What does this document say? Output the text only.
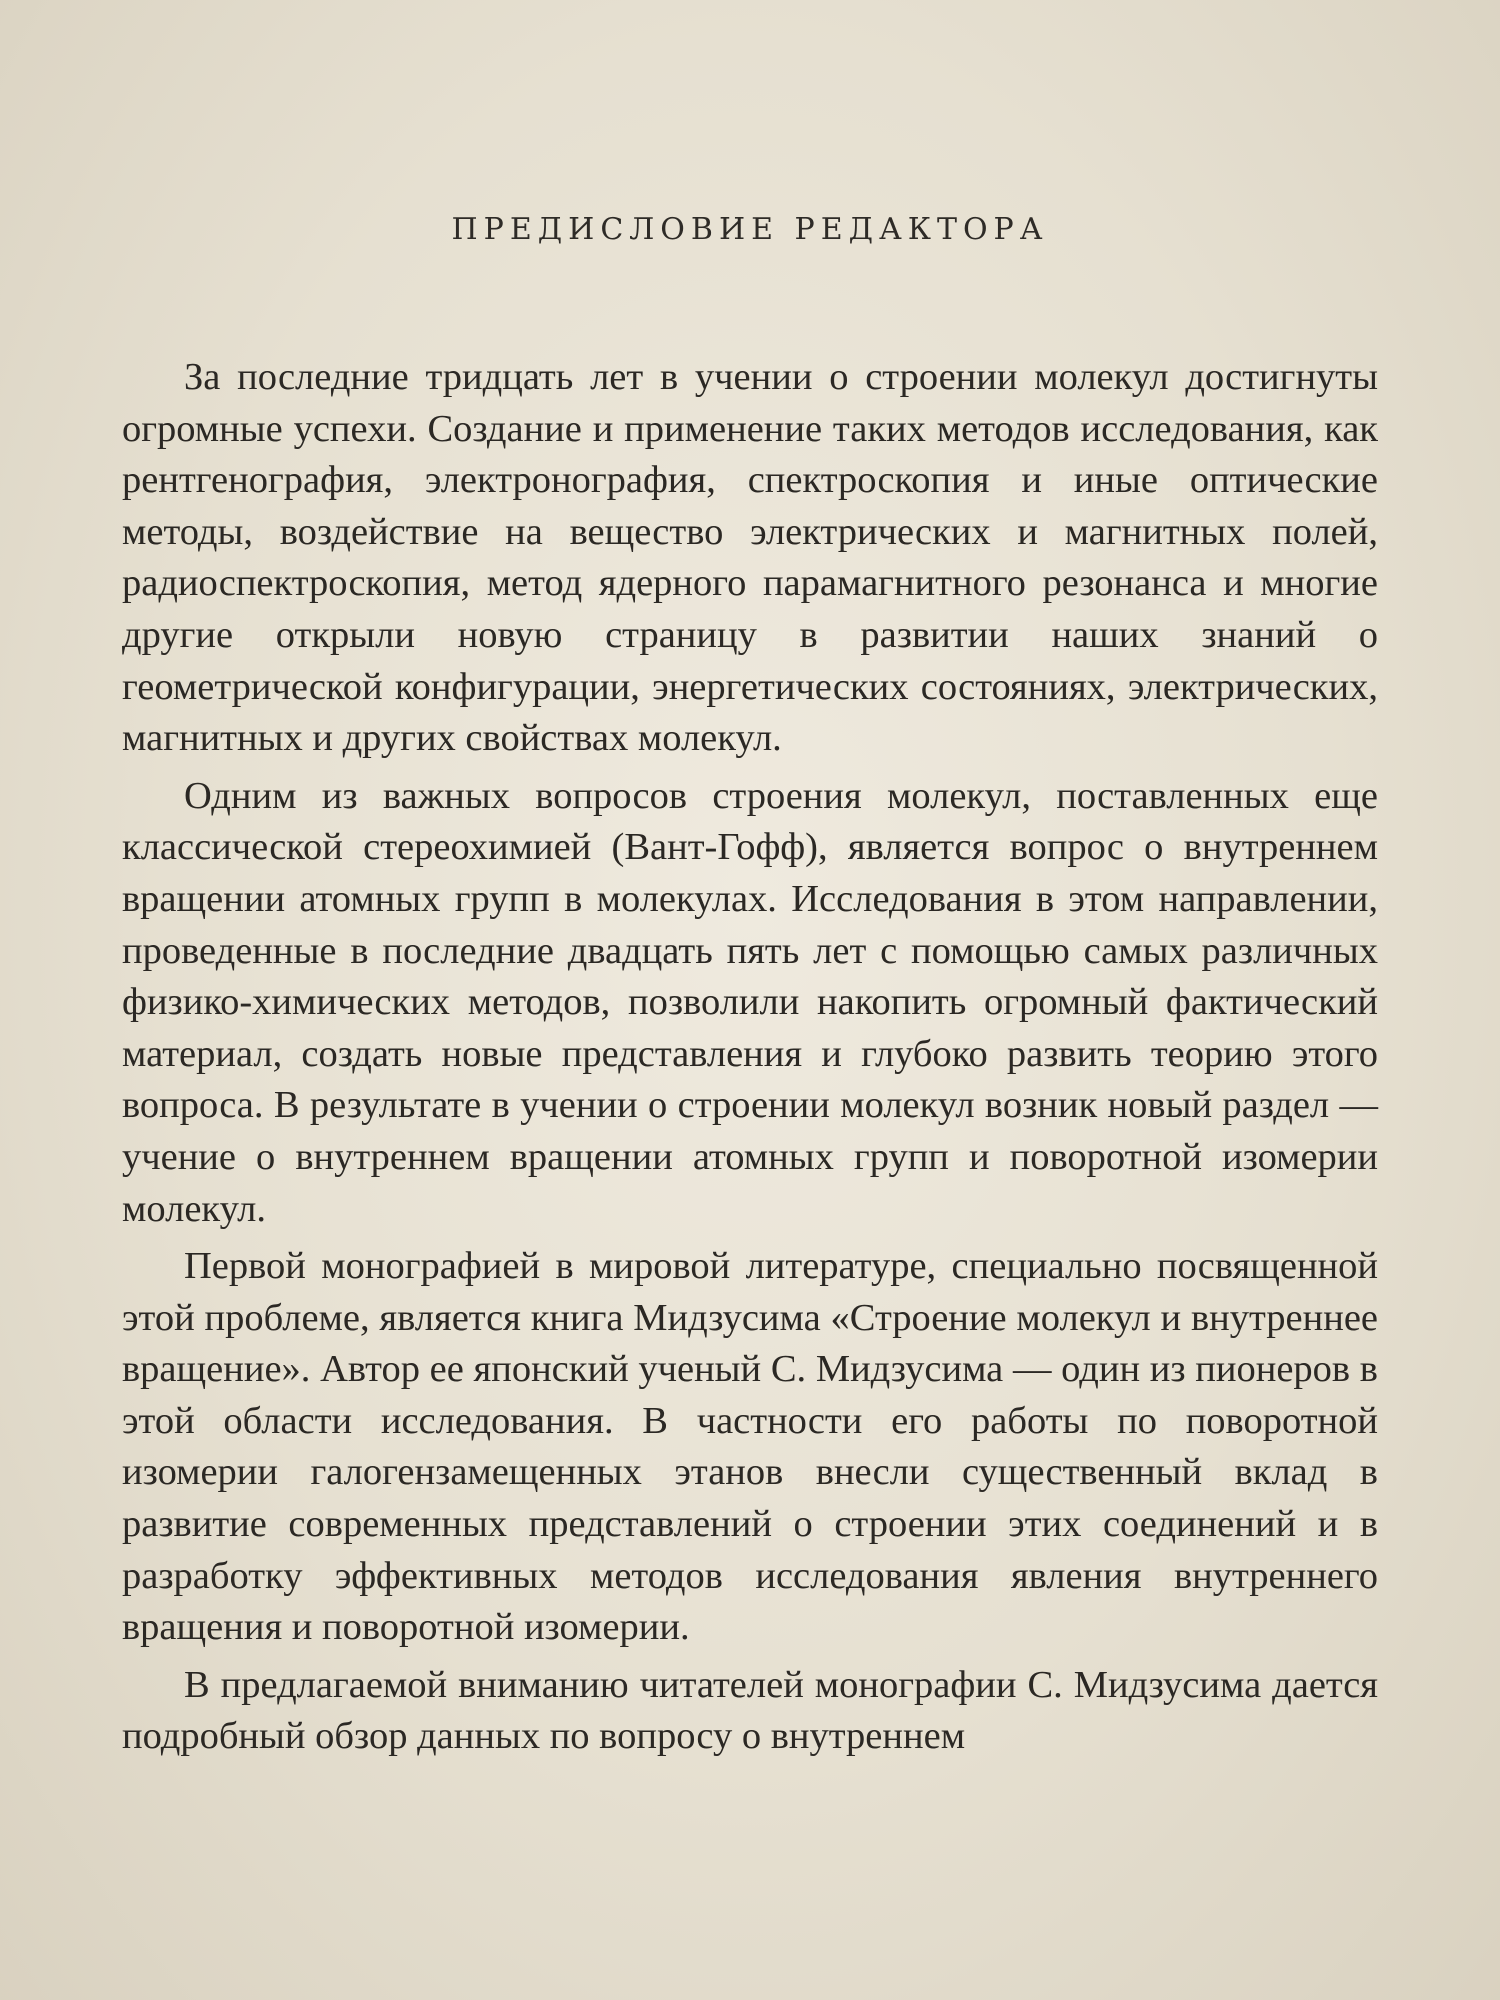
ПРЕДИСЛОВИЕ РЕДАКТОРА

За последние тридцать лет в учении о строении молекул достигнуты огромные успехи. Создание и применение таких методов исследования, как рентгенография, электронография, спектроскопия и иные оптические методы, воздействие на вещество электрических и магнитных полей, радиоспектроскопия, метод ядерного парамагнитного резонанса и многие другие открыли новую страницу в развитии наших знаний о геометрической конфигурации, энергетических состояниях, электрических, магнитных и других свойствах молекул.

Одним из важных вопросов строения молекул, поставленных еще классической стереохимией (Вант-Гофф), является вопрос о внутреннем вращении атомных групп в молекулах. Исследования в этом направлении, проведенные в последние двадцать пять лет с помощью самых различных физико-химических методов, позволили накопить огромный фактический материал, создать новые представления и глубоко развить теорию этого вопроса. В результате в учении о строении молекул возник новый раздел — учение о внутреннем вращении атомных групп и поворотной изомерии молекул.

Первой монографией в мировой литературе, специально посвященной этой проблеме, является книга Мидзусима «Строение молекул и внутреннее вращение». Автор ее японский ученый С. Мидзусима — один из пионеров в этой области исследования. В частности его работы по поворотной изомерии галогензамещенных этанов внесли существенный вклад в развитие современных представлений о строении этих соединений и в разработку эффективных методов исследования явления внутреннего вращения и поворотной изомерии.

В предлагаемой вниманию читателей монографии С. Мидзусима дается подробный обзор данных по вопросу о внутреннем
